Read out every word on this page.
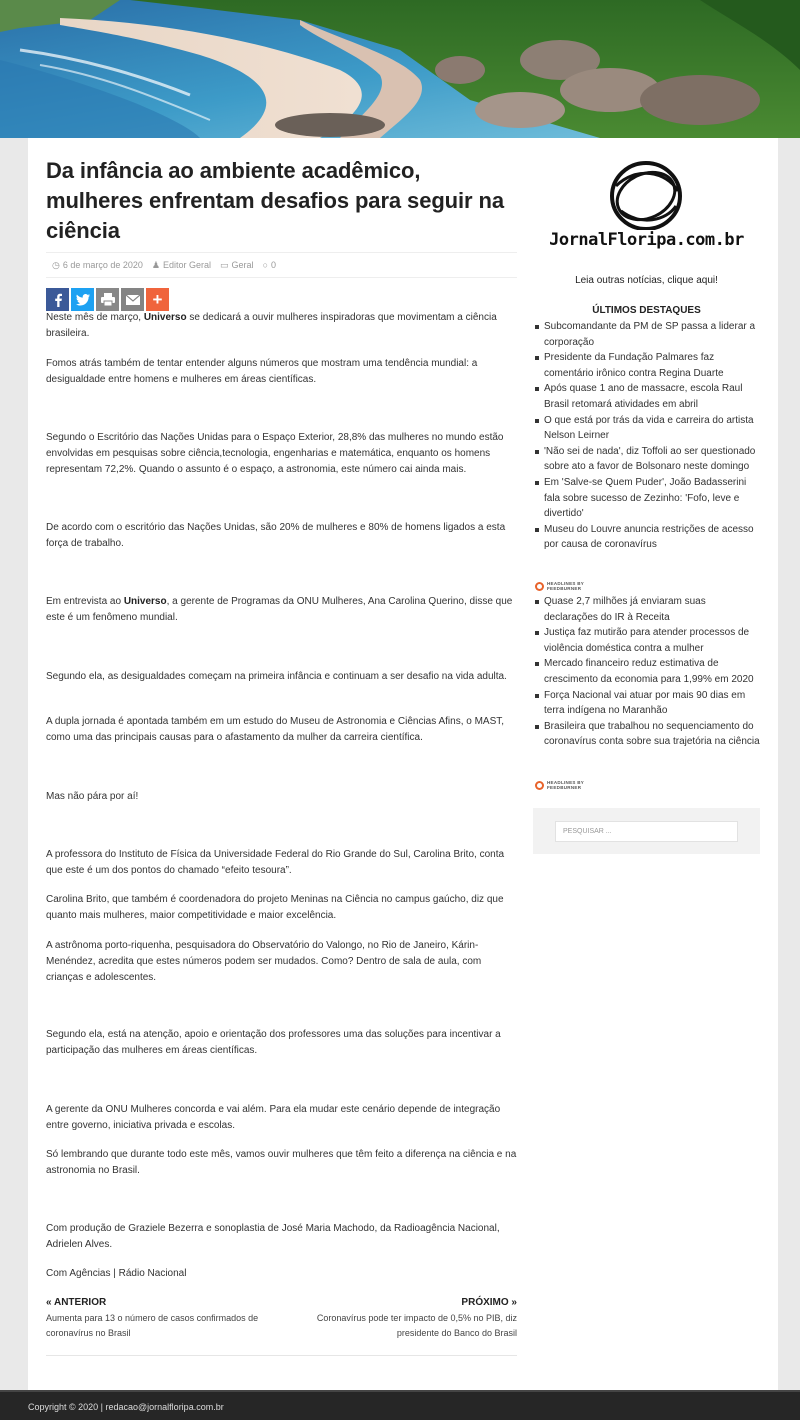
Da infância ao ambiente acadêmico, mulheres enfrentam desafios para seguir na ciência
◷ 6 de março de 2020 ♟ Editor Geral ▭ Geral ○ 0
+

Neste mês de março, Universo se dedicará a ouvir mulheres inspiradoras que movimentam a ciência brasileira.

Fomos atrás também de tentar entender alguns números que mostram uma tendência mundial: a desigualdade entre homens e mulheres em áreas científicas.

Segundo o Escritório das Nações Unidas para o Espaço Exterior, 28,8% das mulheres no mundo estão envolvidas em pesquisas sobre ciência,tecnologia, engenharias e matemática, enquanto os homens representam 72,2%. Quando o assunto é o espaço, a astronomia, este número cai ainda mais.

De acordo com o escritório das Nações Unidas, são 20% de mulheres e 80% de homens ligados a esta força de trabalho.

Em entrevista ao Universo, a gerente de Programas da ONU Mulheres, Ana Carolina Querino, disse que este é um fenômeno mundial.

Segundo ela, as desigualdades começam na primeira infância e continuam a ser desafio na vida adulta.

A dupla jornada é apontada também em um estudo do Museu de Astronomia e Ciências Afins, o MAST, como uma das principais causas para o afastamento da mulher da carreira científica.

Mas não pára por aí!

A professora do Instituto de Física da Universidade Federal do Rio Grande do Sul, Carolina Brito, conta que este é um dos pontos do chamado “efeito tesoura”.

Carolina Brito, que também é coordenadora do projeto Meninas na Ciência no campus gaúcho, diz que quanto mais mulheres, maior competitividade e maior excelência.

A astrônoma porto-riquenha, pesquisadora do Observatório do Valongo, no Rio de Janeiro, Kárin-Menéndez, acredita que estes números podem ser mudados. Como? Dentro de sala de aula, com crianças e adolescentes.

Segundo ela, está na atenção, apoio e orientação dos professores uma das soluções para incentivar a participação das mulheres em áreas científicas.

A gerente da ONU Mulheres concorda e vai além. Para ela mudar este cenário depende de integração entre governo, iniciativa privada e escolas.

Só lembrando que durante todo este mês, vamos ouvir mulheres que têm feito a diferença na ciência e na astronomia no Brasil.

Com produção de Graziele Bezerra e sonoplastia de José Maria Machodo, da Radioagência Nacional, Adrielen Alves.

Com Agências | Rádio Nacional

« ANTERIOR
Aumenta para 13 o número de casos confirmados de coronavírus no Brasil
PRÓXIMO »
Coronavírus pode ter impacto de 0,5% no PIB, diz presidente do Banco do Brasil
JornalFloripa.com.br
Leia outras notícias, clique aqui!
ÚLTIMOS DESTAQUES
Subcomandante da PM de SP passa a liderar a corporação
Presidente da Fundação Palmares faz comentário irônico contra Regina Duarte
Após quase 1 ano de massacre, escola Raul Brasil retomará atividades em abril
O que está por trás da vida e carreira do artista Nelson Leirner
'Não sei de nada', diz Toffoli ao ser questionado sobre ato a favor de Bolsonaro neste domingo
Em 'Salve-se Quem Puder', João Badasserini fala sobre sucesso de Zezinho: 'Fofo, leve e divertido'
Museu do Louvre anuncia restrições de acesso por causa de coronavírus
HEADLINES BY
FEEDBURNER
Quase 2,7 milhões já enviaram suas declarações do IR à Receita
Justiça faz mutirão para atender processos de violência doméstica contra a mulher
Mercado financeiro reduz estimativa de crescimento da economia para 1,99% em 2020
Força Nacional vai atuar por mais 90 dias em terra indígena no Maranhão
Brasileira que trabalhou no sequenciamento do coronavírus conta sobre sua trajetória na ciência
HEADLINES BY
FEEDBURNER
PESQUISAR ...
Copyright © 2020 | redacao@jornalfloripa.com.br
